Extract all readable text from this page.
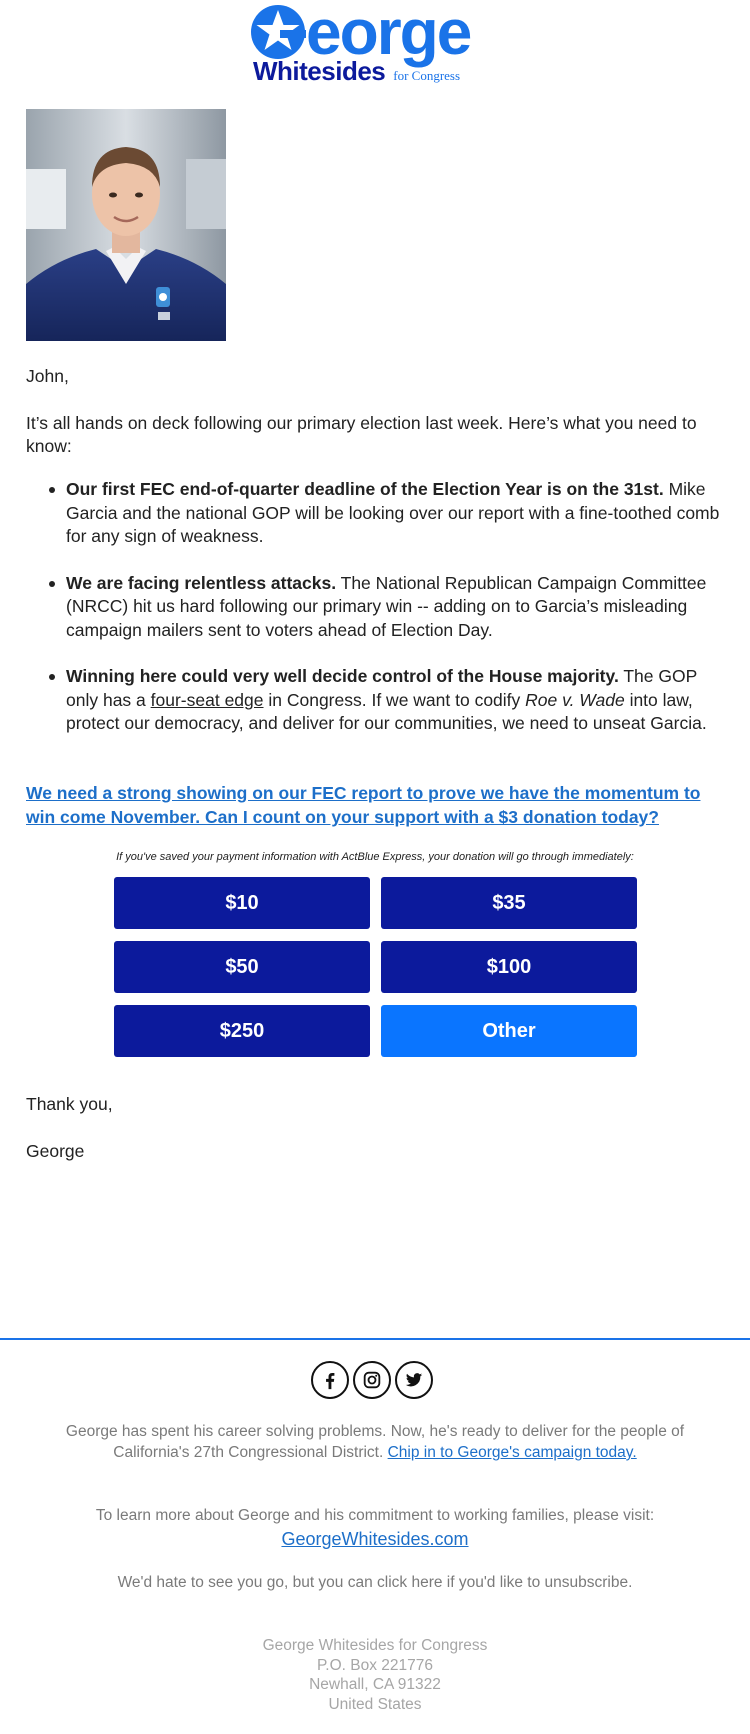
eorge
Whitesides for Congress
John,
It’s all hands on deck following our primary election last week. Here’s what you need to know:
Our first FEC end-of-quarter deadline of the Election Year is on the 31st. Mike Garcia and the national GOP will be looking over our report with a fine-toothed comb for any sign of weakness.
We are facing relentless attacks. The National Republican Campaign Committee (NRCC) hit us hard following our primary win -- adding on to Garcia’s misleading campaign mailers sent to voters ahead of Election Day.
Winning here could very well decide control of the House majority. The GOP only has a four-seat edge in Congress. If we want to codify Roe v. Wade into law, protect our democracy, and deliver for our communities, we need to unseat Garcia.
We need a strong showing on our FEC report to prove we have the momentum to win come November. Can I count on your support with a $3 donation today?
If you've saved your payment information with ActBlue Express, your donation will go through immediately:
$10	$35
$50	$100
$250	Other
Thank you,
George
George has spent his career solving problems. Now, he's ready to deliver for the people of California's 27th Congressional District. Chip in to George's campaign today.
To learn more about George and his commitment to working families, please visit:
GeorgeWhitesides.com
We'd hate to see you go, but you can click here if you'd like to unsubscribe.
George Whitesides for Congress
P.O. Box 221776
Newhall, CA 91322
United States
